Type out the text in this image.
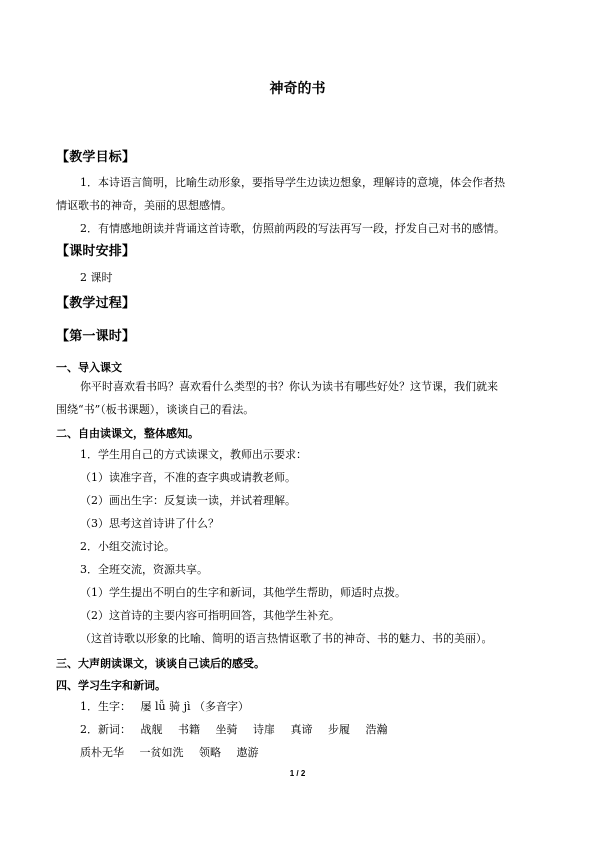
神奇的书
【教学目标】
1．本诗语言简明，比喻生动形象，要指导学生边读边想象，理解诗的意境，体会作者热
情讴歌书的神奇，美丽的思想感情。
2．有情感地朗读并背诵这首诗歌，仿照前两段的写法再写一段，抒发自己对书的感情。
【课时安排】
2 课时
【教学过程】
【第一课时】
一、导入课文
你平时喜欢看书吗？喜欢看什么类型的书？你认为读书有哪些好处？这节课，我们就来
围绕“书”（板书课题），谈谈自己的看法。
二、自由读课文，整体感知。
1．学生用自己的方式读课文，教师出示要求：
（1）读准字音，不准的查字典或请教老师。
（2）画出生字：反复读一读，并试着理解。
（3）思考这首诗讲了什么？
2．小组交流讨论。
3．全班交流，资源共享。
（1）学生提出不明白的生字和新词，其他学生帮助，师适时点拨。
（2）这首诗的主要内容可指明回答，其他学生补充。
（这首诗歌以形象的比喻、简明的语言热情讴歌了书的神奇、书的魅力、书的美丽）。
三、大声朗读课文，谈谈自己读后的感受。
四、学习生字和新词。
1．生字： 屡 lǚ 骑 jì （多音字）
2．新词： 战舰 书籍 坐骑 诗扉 真谛 步履 浩瀚
质朴无华 一贫如洗 领略 遨游
1 / 2
